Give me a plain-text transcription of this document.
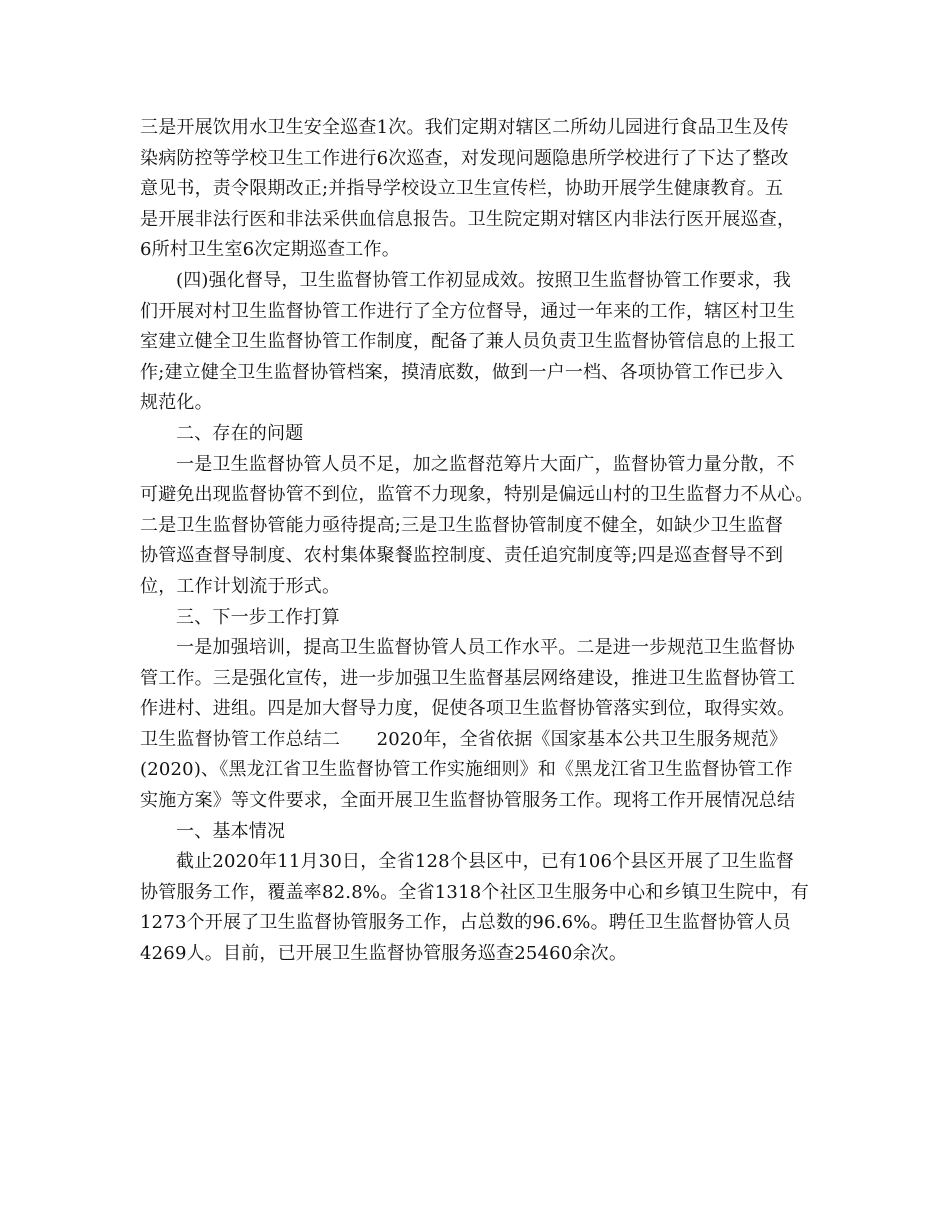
三是开展饮用水卫生安全巡查1次。我们定期对辖区二所幼儿园进行食品卫生及传
染病防控等学校卫生工作进行6次巡查，对发现问题隐患所学校进行了下达了整改
意见书，责令限期改正;并指导学校设立卫生宣传栏，协助开展学生健康教育。五
是开展非法行医和非法采供血信息报告。卫生院定期对辖区内非法行医开展巡查，
6所村卫生室6次定期巡查工作。
(四)强化督导，卫生监督协管工作初显成效。按照卫生监督协管工作要求，我
们开展对村卫生监督协管工作进行了全方位督导，通过一年来的工作，辖区村卫生
室建立健全卫生监督协管工作制度，配备了兼人员负责卫生监督协管信息的上报工
作;建立健全卫生监督协管档案，摸清底数，做到一户一档、各项协管工作已步入
规范化。
二、存在的问题
一是卫生监督协管人员不足，加之监督范筹片大面广，监督协管力量分散，不
可避免出现监督协管不到位，监管不力现象，特别是偏远山村的卫生监督力不从心。
二是卫生监督协管能力亟待提高;三是卫生监督协管制度不健全，如缺少卫生监督
协管巡查督导制度、农村集体聚餐监控制度、责任追究制度等;四是巡查督导不到
位，工作计划流于形式。
三、下一步工作打算
一是加强培训，提高卫生监督协管人员工作水平。二是进一步规范卫生监督协
管工作。三是强化宣传，进一步加强卫生监督基层网络建设，推进卫生监督协管工
作进村、进组。四是加大督导力度，促使各项卫生监督协管落实到位，取得实效。
卫生监督协管工作总结二　　2020年，全省依据《国家基本公共卫生服务规范》
(2020)、《黑龙江省卫生监督协管工作实施细则》和《黑龙江省卫生监督协管工作
实施方案》等文件要求，全面开展卫生监督协管服务工作。现将工作开展情况总结
一、基本情况
截止2020年11月30日，全省128个县区中，已有106个县区开展了卫生监督
协管服务工作，覆盖率82.8%。全省1318个社区卫生服务中心和乡镇卫生院中，有
1273个开展了卫生监督协管服务工作，占总数的96.6%。聘任卫生监督协管人员
4269人。目前，已开展卫生监督协管服务巡查25460余次。
